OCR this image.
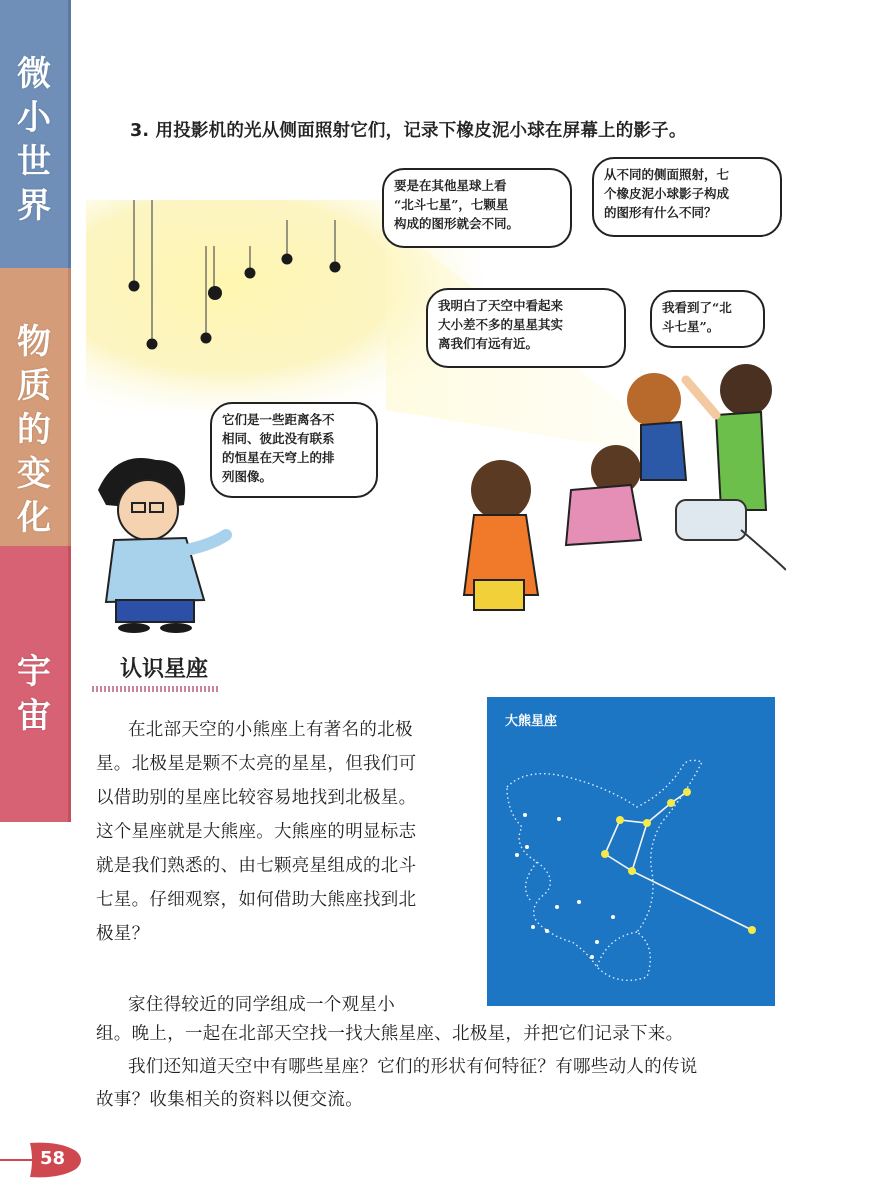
微
小
世
界
物
质
的
变
化
宇
宙
3. 用投影机的光从侧面照射它们，记录下橡皮泥小球在屏幕上的影子。
要是在其他星球上看
“北斗七星”，七颗星
构成的图形就会不同。
从不同的侧面照射，七
个橡皮泥小球影子构成
的图形有什么不同？
我明白了天空中看起来
大小差不多的星星其实
离我们有远有近。
我看到了“北
斗七星”。
它们是一些距离各不
相同、彼此没有联系
的恒星在天穹上的排
列图像。
认识星座
在北部天空的小熊座上有著名的北极
星。北极星是颗不太亮的星星，但我们可
以借助别的星座比较容易地找到北极星。
这个星座就是大熊座。大熊座的明显标志
就是我们熟悉的、由七颗亮星组成的北斗
七星。仔细观察，如何借助大熊座找到北
极星？
大熊星座
家住得较近的同学组成一个观星小
组。晚上，一起在北部天空找一找大熊星座、北极星，并把它们记录下来。
我们还知道天空中有哪些星座？它们的形状有何特征？有哪些动人的传说
故事？收集相关的资料以便交流。
58
